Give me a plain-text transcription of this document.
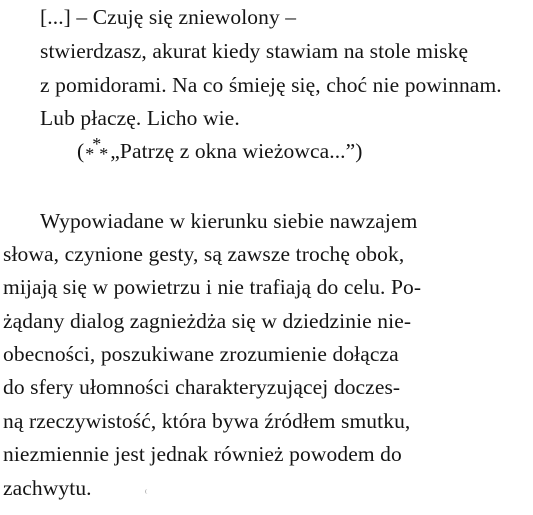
[...] – Czuję się zniewolony –
stwierdzasz, akurat kiedy stawiam na stole miskę
z pomidorami. Na co śmieję się, choć nie powinnam.
Lub płaczę. Licho wie.
( *
*
* „Patrzę z okna wieżowca...”)
Wypowiadane w kierunku siebie nawzajem
słowa, czynione gesty, są zawsze trochę obok,
mijają się w powietrzu i nie trafiają do celu. Po-
żądany dialog zagnieżdża się w dziedzinie nie-
obecności, poszukiwane zrozumienie dołącza
do sfery ułomności charakteryzującej doczes-
ną rzeczywistość, która bywa źródłem smutku,
niezmiennie jest jednak również powodem do
zachwytu.
